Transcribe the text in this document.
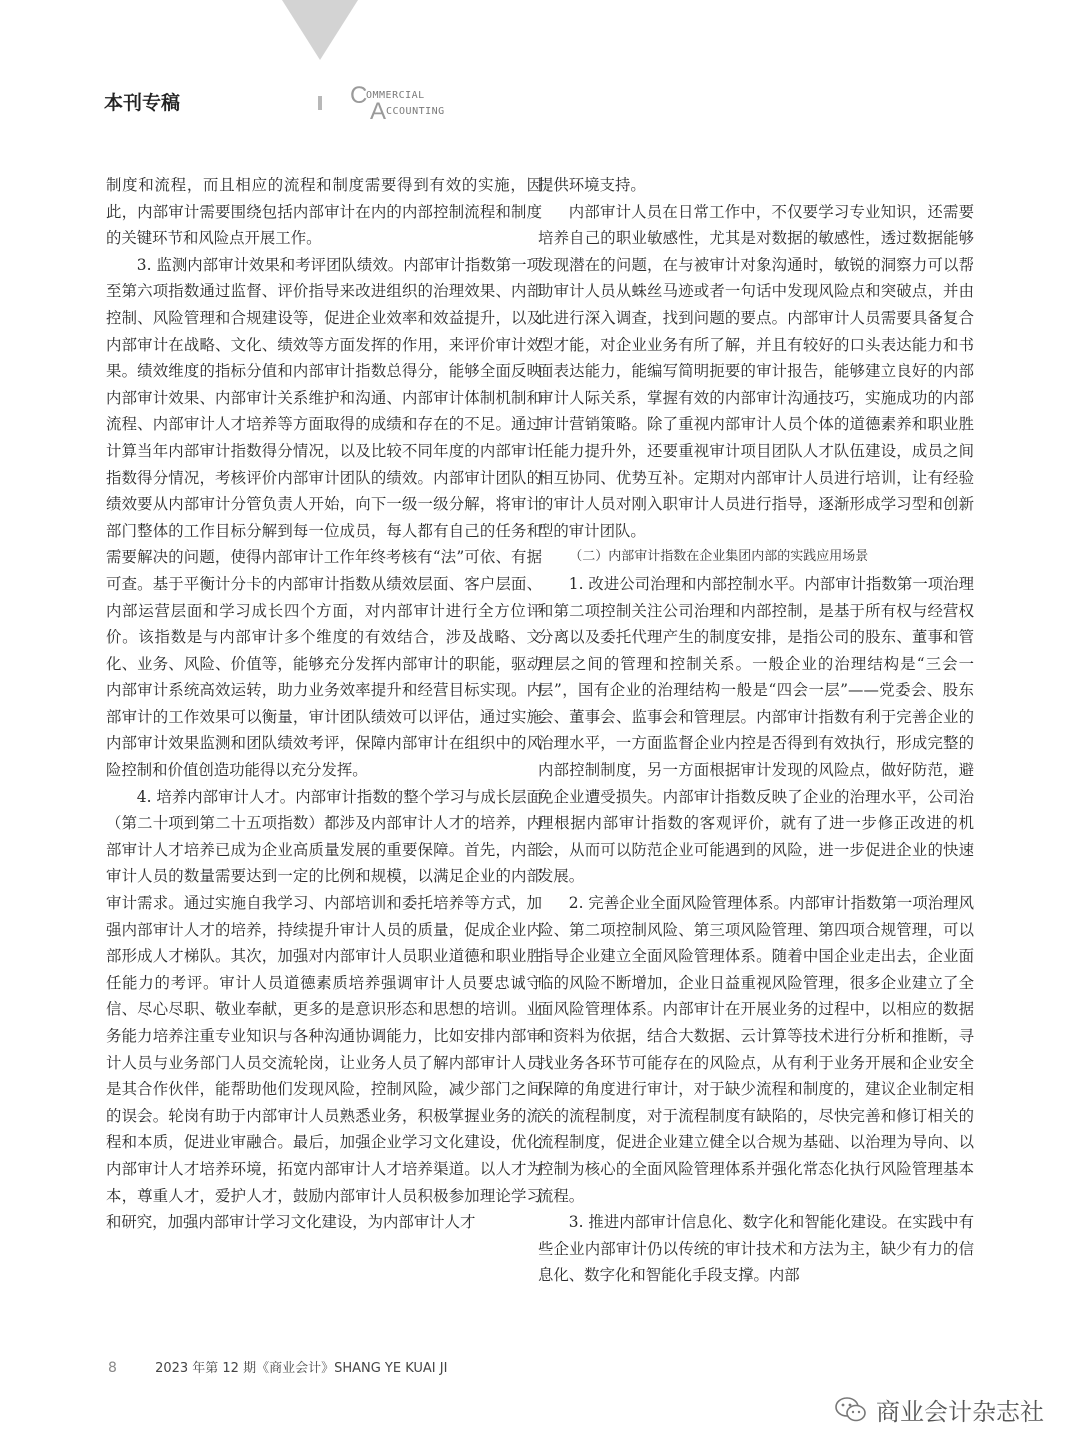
本刊专稿	C
OMMERCIAL
A CCOUNTING

制度和流程，而且相应的流程和制度需要得到有效的实施，因此，内部审计需要围绕包括内部审计在内的内部控制流程和制度的关键环节和风险点开展工作。

3. 监测内部审计效果和考评团队绩效。内部审计指数第一项至第六项指数通过监督、评价指导来改进组织的治理效果、内部控制、风险管理和合规建设等，促进企业效率和效益提升，以及内部审计在战略、文化、绩效等方面发挥的作用，来评价审计效果。绩效维度的指标分值和内部审计指数总得分，能够全面反映内部审计效果、内部审计关系维护和沟通、内部审计体制机制和流程、内部审计人才培养等方面取得的成绩和存在的不足。通过计算当年内部审计指数得分情况，以及比较不同年度的内部审计指数得分情况，考核评价内部审计团队的绩效。内部审计团队的绩效要从内部审计分管负责人开始，向下一级一级分解，将审计部门整体的工作目标分解到每一位成员，每人都有自己的任务和需要解决的问题，使得内部审计工作年终考核有“法”可依、有据可查。基于平衡计分卡的内部审计指数从绩效层面、客户层面、内部运营层面和学习成长四个方面，对内部审计进行全方位评价。该指数是与内部审计多个维度的有效结合，涉及战略、文化、业务、风险、价值等，能够充分发挥内部审计的职能，驱动内部审计系统高效运转，助力业务效率提升和经营目标实现。内部审计的工作效果可以衡量，审计团队绩效可以评估，通过实施内部审计效果监测和团队绩效考评，保障内部审计在组织中的风险控制和价值创造功能得以充分发挥。

4. 培养内部审计人才。内部审计指数的整个学习与成长层面（第二十项到第二十五项指数）都涉及内部审计人才的培养，内部审计人才培养已成为企业高质量发展的重要保障。首先，内部审计人员的数量需要达到一定的比例和规模，以满足企业的内部审计需求。通过实施自我学习、内部培训和委托培养等方式，加强内部审计人才的培养，持续提升审计人员的质量，促成企业内部形成人才梯队。其次，加强对内部审计人员职业道德和职业胜任能力的考评。审计人员道德素质培养强调审计人员要忠诚守信、尽心尽职、敬业奉献，更多的是意识形态和思想的培训。业务能力培养注重专业知识与各种沟通协调能力，比如安排内部审计人员与业务部门人员交流轮岗，让业务人员了解内部审计人员是其合作伙伴，能帮助他们发现风险，控制风险，减少部门之间的误会。轮岗有助于内部审计人员熟悉业务，积极掌握业务的流程和本质，促进业审融合。最后，加强企业学习文化建设，优化内部审计人才培养环境，拓宽内部审计人才培养渠道。以人才为本，尊重人才，爱护人才，鼓励内部审计人员积极参加理论学习和研究，加强内部审计学习文化建设，为内部审计人才

提供环境支持。

内部审计人员在日常工作中，不仅要学习专业知识，还需要培养自己的职业敏感性，尤其是对数据的敏感性，透过数据能够发现潜在的问题，在与被审计对象沟通时，敏锐的洞察力可以帮助审计人员从蛛丝马迹或者一句话中发现风险点和突破点，并由此进行深入调查，找到问题的要点。内部审计人员需要具备复合型才能，对企业业务有所了解，并且有较好的口头表达能力和书面表达能力，能编写简明扼要的审计报告，能够建立良好的内部审计人际关系，掌握有效的内部审计沟通技巧，实施成功的内部审计营销策略。除了重视内部审计人员个体的道德素养和职业胜任能力提升外，还要重视审计项目团队人才队伍建设，成员之间相互协同、优势互补。定期对内部审计人员进行培训，让有经验的审计人员对刚入职审计人员进行指导，逐渐形成学习型和创新型的审计团队。

（二）内部审计指数在企业集团内部的实践应用场景

1. 改进公司治理和内部控制水平。内部审计指数第一项治理和第二项控制关注公司治理和内部控制，是基于所有权与经营权分离以及委托代理产生的制度安排，是指公司的股东、董事和管理层之间的管理和控制关系。一般企业的治理结构是“三会一层”，国有企业的治理结构一般是“四会一层”——党委会、股东会、董事会、监事会和管理层。内部审计指数有利于完善企业的治理水平，一方面监督企业内控是否得到有效执行，形成完整的内部控制制度，另一方面根据审计发现的风险点，做好防范，避免企业遭受损失。内部审计指数反映了企业的治理水平，公司治理根据内部审计指数的客观评价，就有了进一步修正改进的机会，从而可以防范企业可能遇到的风险，进一步促进企业的快速发展。

2. 完善企业全面风险管理体系。内部审计指数第一项治理风险、第二项控制风险、第三项风险管理、第四项合规管理，可以指导企业建立全面风险管理体系。随着中国企业走出去，企业面临的风险不断增加，企业日益重视风险管理，很多企业建立了全面风险管理体系。内部审计在开展业务的过程中，以相应的数据和资料为依据，结合大数据、云计算等技术进行分析和推断，寻找业务各环节可能存在的风险点，从有利于业务开展和企业安全保障的角度进行审计，对于缺少流程和制度的，建议企业制定相关的流程制度，对于流程制度有缺陷的，尽快完善和修订相关的流程制度，促进企业建立健全以合规为基础、以治理为导向、以控制为核心的全面风险管理体系并强化常态化执行风险管理基本流程。

3. 推进内部审计信息化、数字化和智能化建设。在实践中有些企业内部审计仍以传统的审计技术和方法为主，缺少有力的信息化、数字化和智能化手段支撑。内部

8	2023 年第 12 期《商业会计》SHANG YE KUAI JI
商业会计杂志社
